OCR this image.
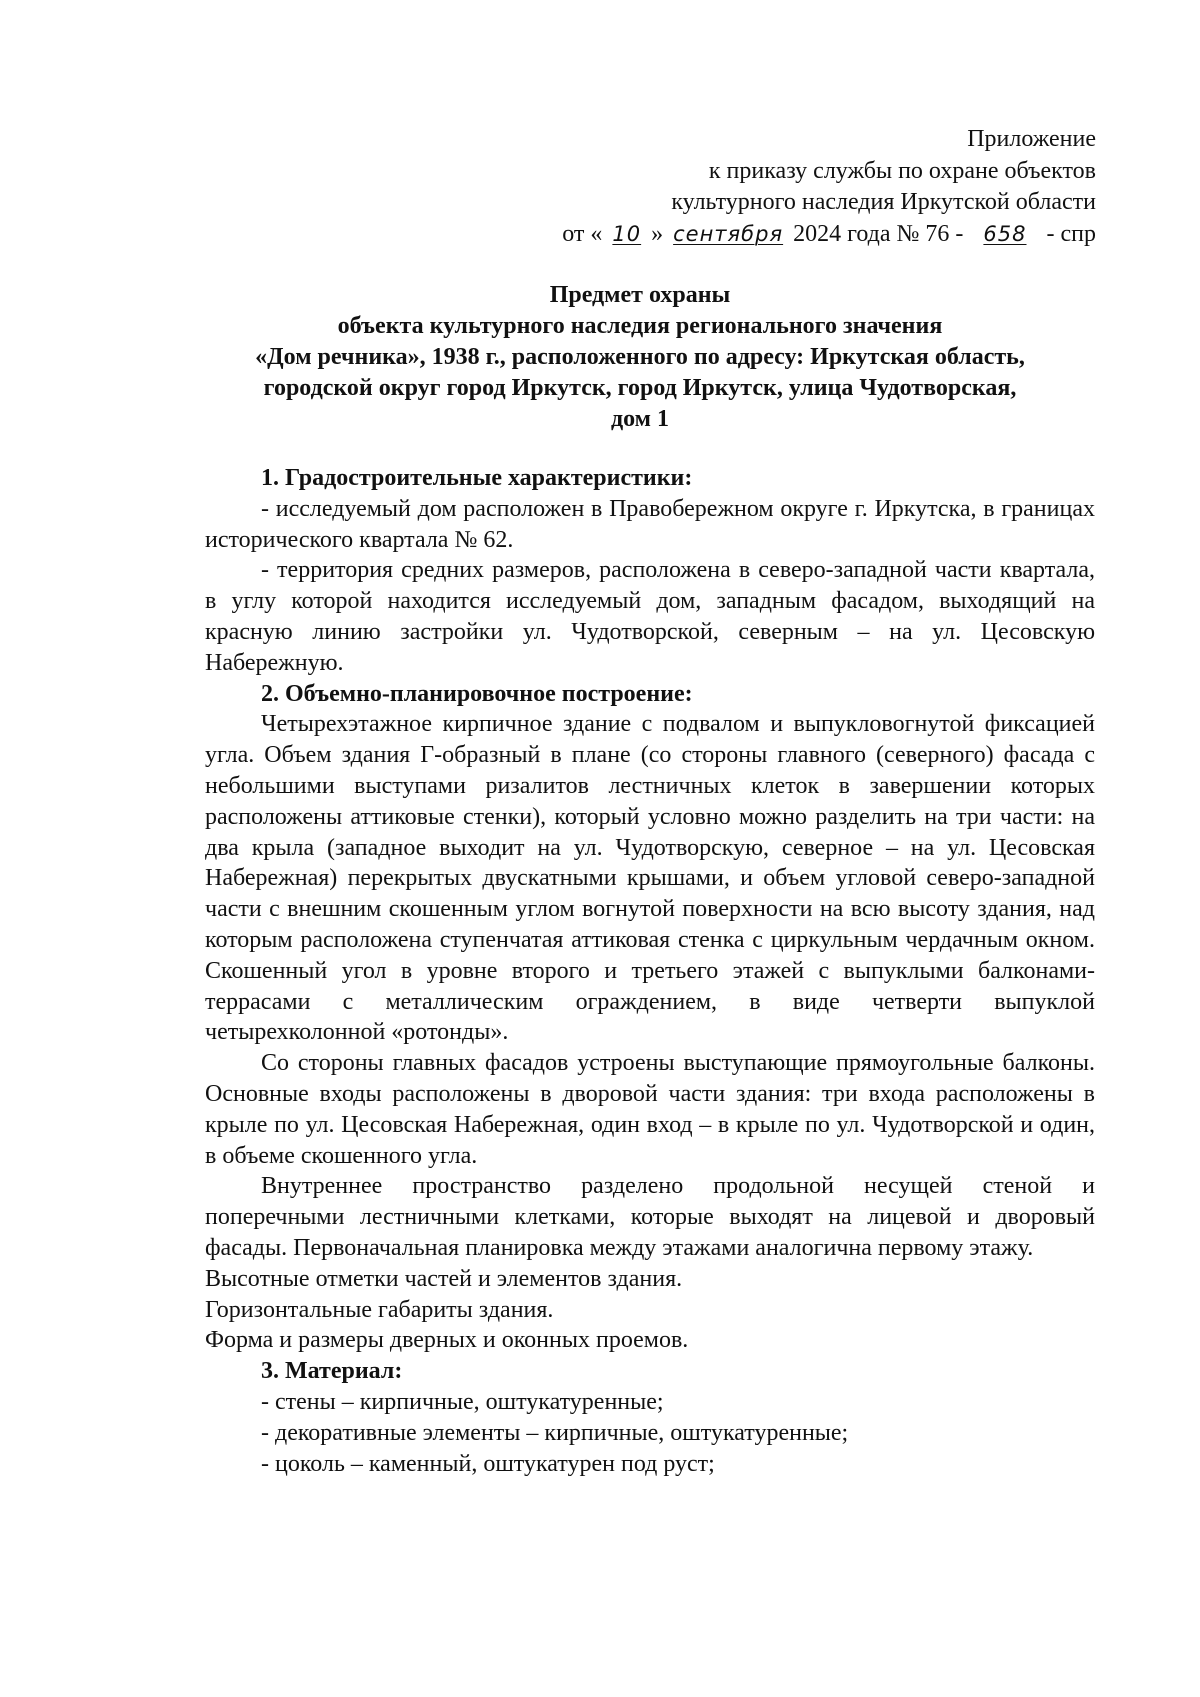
Приложение
к приказу службы по охране объектов
культурного наследия Иркутской области
от « 10 » сентября 2024 года № 76 - 658 - спр
Предмет охраны
объекта культурного наследия регионального значения
«Дом речника», 1938 г., расположенного по адресу: Иркутская область,
городской округ город Иркутск, город Иркутск, улица Чудотворская,
дом 1

1. Градостроительные характеристики:

- исследуемый дом расположен в Правобережном округе г. Иркутска, в границах исторического квартала № 62.

- территория средних размеров, расположена в северо-западной части квартала, в углу которой находится исследуемый дом, западным фасадом, выходящий на красную линию застройки ул. Чудотворской, северным – на ул. Цесовскую Набережную.

2. Объемно-планировочное построение:

Четырехэтажное кирпичное здание с подвалом и выпукловогнутой фиксацией угла. Объем здания Г-образный в плане (со стороны главного (северного) фасада с небольшими выступами ризалитов лестничных клеток в завершении которых расположены аттиковые стенки), который условно можно разделить на три части: на два крыла (западное выходит на ул. Чудотворскую, северное – на ул. Цесовская Набережная) перекрытых двускатными крышами, и объем угловой северо-западной части с внешним скошенным углом вогнутой поверхности на всю высоту здания, над которым расположена ступенчатая аттиковая стенка с циркульным чердачным окном. Скошенный угол в уровне второго и третьего этажей с выпуклыми балконами-террасами с металлическим ограждением, в виде четверти выпуклой четырехколонной «ротонды».

Со стороны главных фасадов устроены выступающие прямоугольные балконы. Основные входы расположены в дворовой части здания: три входа расположены в крыле по ул. Цесовская Набережная, один вход – в крыле по ул. Чудотворской и один, в объеме скошенного угла.

Внутреннее пространство разделено продольной несущей стеной и поперечными лестничными клетками, которые выходят на лицевой и дворовый фасады. Первоначальная планировка между этажами аналогична первому этажу.

Высотные отметки частей и элементов здания.

Горизонтальные габариты здания.

Форма и размеры дверных и оконных проемов.

3. Материал:

- стены – кирпичные, оштукатуренные;

- декоративные элементы – кирпичные, оштукатуренные;

- цоколь – каменный, оштукатурен под руст;
